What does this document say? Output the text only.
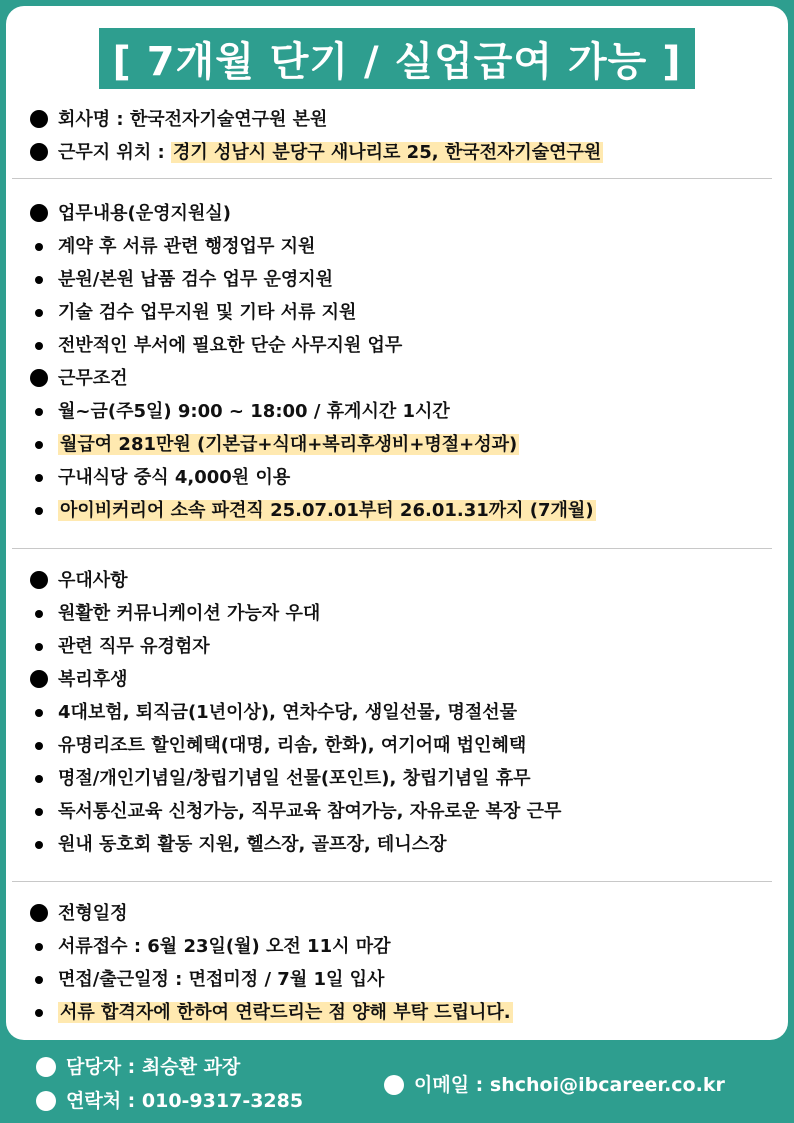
[ 7개월 단기 / 실업급여 가능 ]
회사명 : 한국전자기술연구원 본원
근무지 위치 : 경기 성남시 분당구 새나리로 25, 한국전자기술연구원
업무내용(운영지원실)
계약 후 서류 관련 행정업무 지원
분원/본원 납품 검수 업무 운영지원
기술 검수 업무지원 및 기타 서류 지원
전반적인 부서에 필요한 단순 사무지원 업무
근무조건
월~금(주5일) 9:00 ~ 18:00 / 휴게시간 1시간
월급여 281만원 (기본급+식대+복리후생비+명절+성과)
구내식당 중식 4,000원 이용
아이비커리어 소속 파견직 25.07.01부터 26.01.31까지 (7개월)
우대사항
원활한 커뮤니케이션 가능자 우대
관련 직무 유경험자
복리후생
4대보험, 퇴직금(1년이상), 연차수당, 생일선물, 명절선물
유명리조트 할인혜택(대명, 리솜, 한화), 여기어때 법인혜택
명절/개인기념일/창립기념일 선물(포인트), 창립기념일 휴무
독서통신교육 신청가능, 직무교육 참여가능, 자유로운 복장 근무
원내 동호회 활동 지원, 헬스장, 골프장, 테니스장
전형일정
서류접수 : 6월 23일(월) 오전 11시 마감
면접/출근일정 : 면접미정 / 7월 1일 입사
서류 합격자에 한하여 연락드리는 점 양해 부탁 드립니다.
담당자 : 최승환 과장
연락처 : 010-9317-3285
이메일 : shchoi@ibcareer.co.kr
